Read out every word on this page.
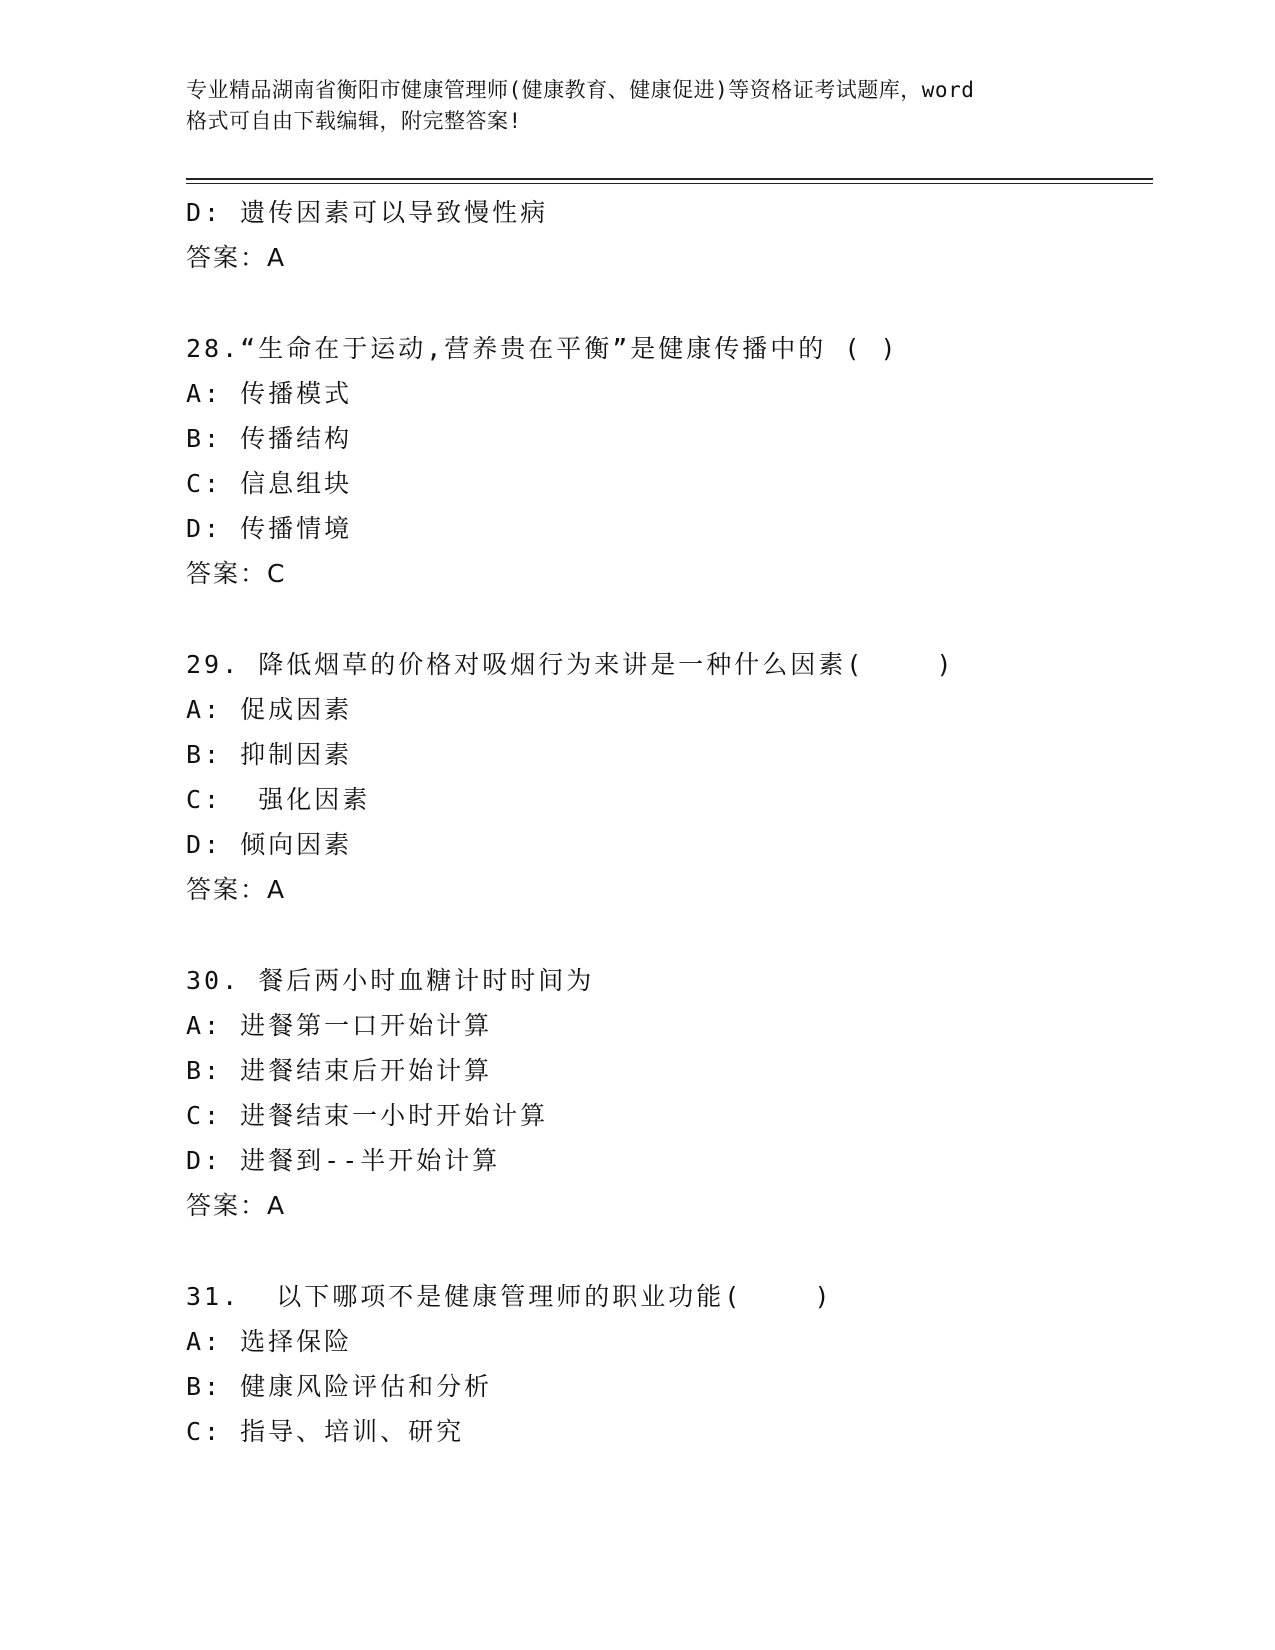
专业精品湖南省衡阳市健康管理师(健康教育、健康促进)等资格证考试题库，word
格式可自由下载编辑，附完整答案!
D: 遗传因素可以导致慢性病
答案：A
28.“生命在于运动,营养贵在平衡”是健康传播中的 ( )
A: 传播模式
B: 传播结构
C: 信息组块
D: 传播情境
答案：C
29. 降低烟草的价格对吸烟行为来讲是一种什么因素(    )
A: 促成因素
B: 抑制因素
C:  强化因素
D: 倾向因素
答案：A
30. 餐后两小时血糖计时时间为
A: 进餐第一口开始计算
B: 进餐结束后开始计算
C: 进餐结束一小时开始计算
D: 进餐到--半开始计算
答案：A
31.  以下哪项不是健康管理师的职业功能(    )
A: 选择保险
B: 健康风险评估和分析
C: 指导、培训、研究
